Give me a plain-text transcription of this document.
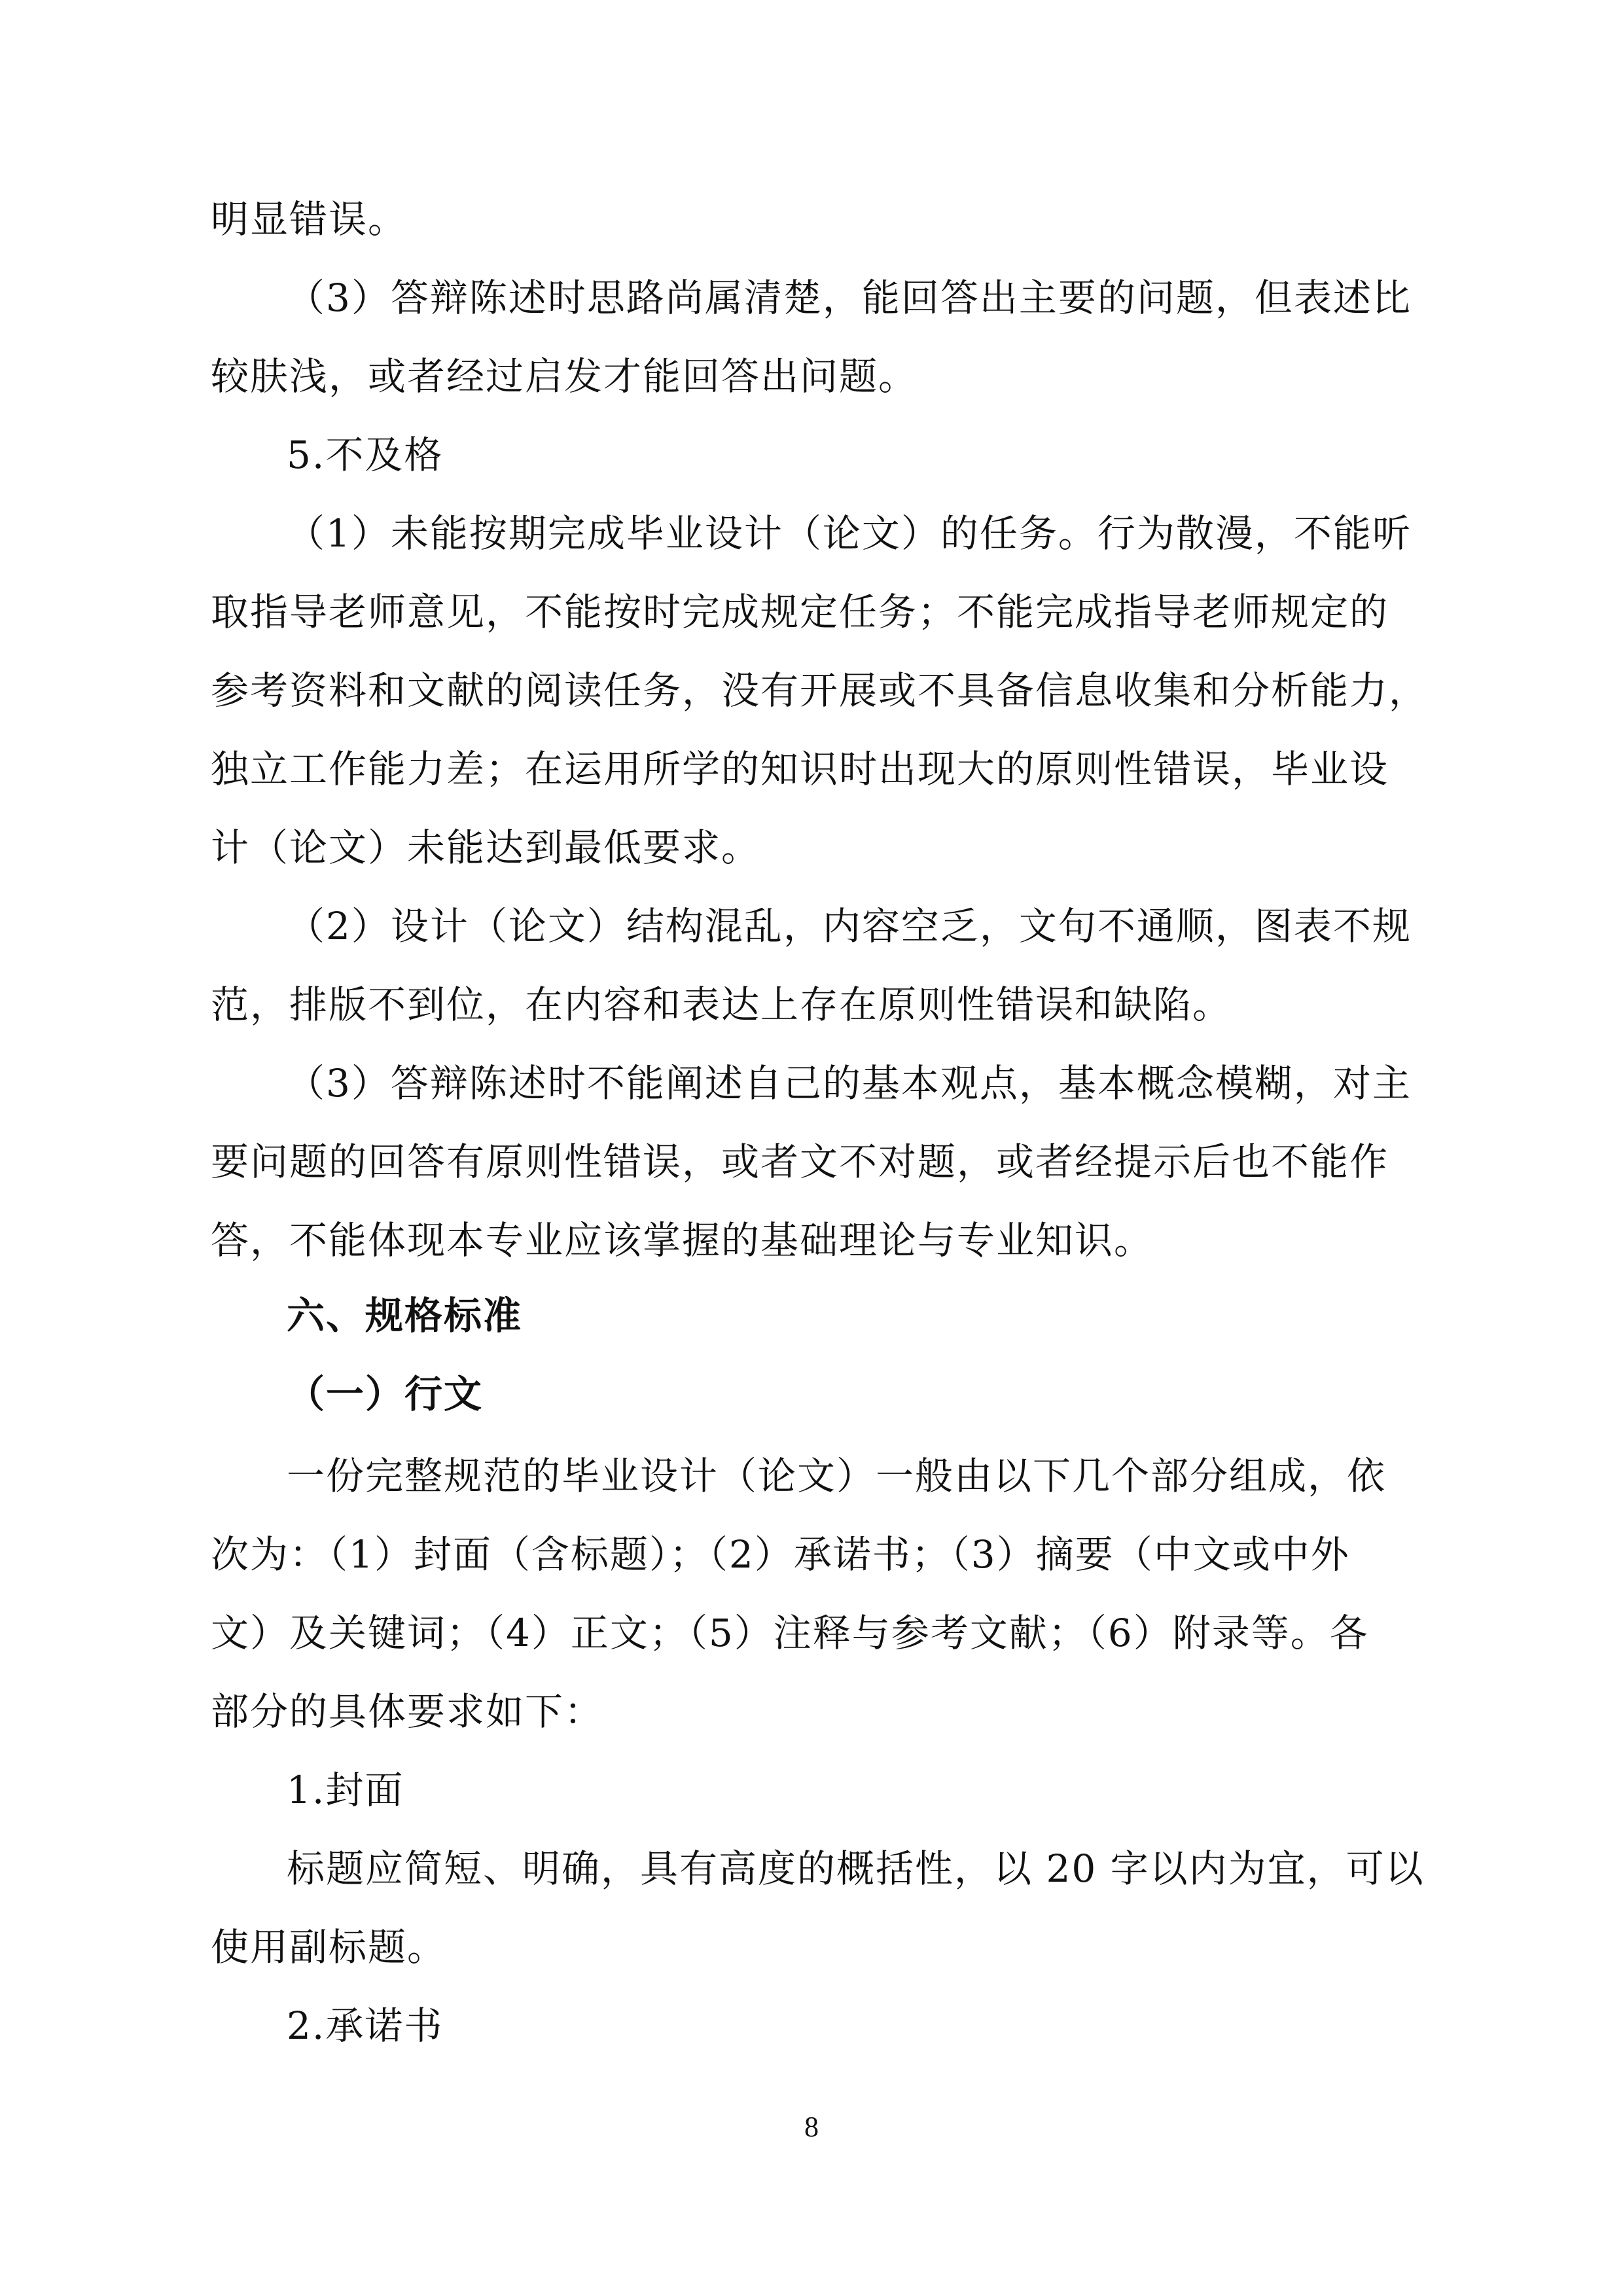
明显错误。
（3）答辩陈述时思路尚属清楚，能回答出主要的问题，但表述比
较肤浅，或者经过启发才能回答出问题。
5.不及格
（1）未能按期完成毕业设计（论文）的任务。行为散漫，不能听
取指导老师意见，不能按时完成规定任务；不能完成指导老师规定的
参考资料和文献的阅读任务，没有开展或不具备信息收集和分析能力，
独立工作能力差；在运用所学的知识时出现大的原则性错误，毕业设
计（论文）未能达到最低要求。
（2）设计（论文）结构混乱，内容空乏，文句不通顺，图表不规
范，排版不到位，在内容和表达上存在原则性错误和缺陷。
（3）答辩陈述时不能阐述自己的基本观点，基本概念模糊，对主
要问题的回答有原则性错误，或者文不对题，或者经提示后也不能作
答，不能体现本专业应该掌握的基础理论与专业知识。
六、规格标准
（一）行文
一份完整规范的毕业设计（论文）一般由以下几个部分组成，依
次为：（1）封面（含标题）；（2）承诺书；（3）摘要（中文或中外
文）及关键词；（4）正文；（5）注释与参考文献；（6）附录等。各
部分的具体要求如下：
1.封面
标题应简短、明确，具有高度的概括性，以 20 字以内为宜，可以
使用副标题。
2.承诺书
8
